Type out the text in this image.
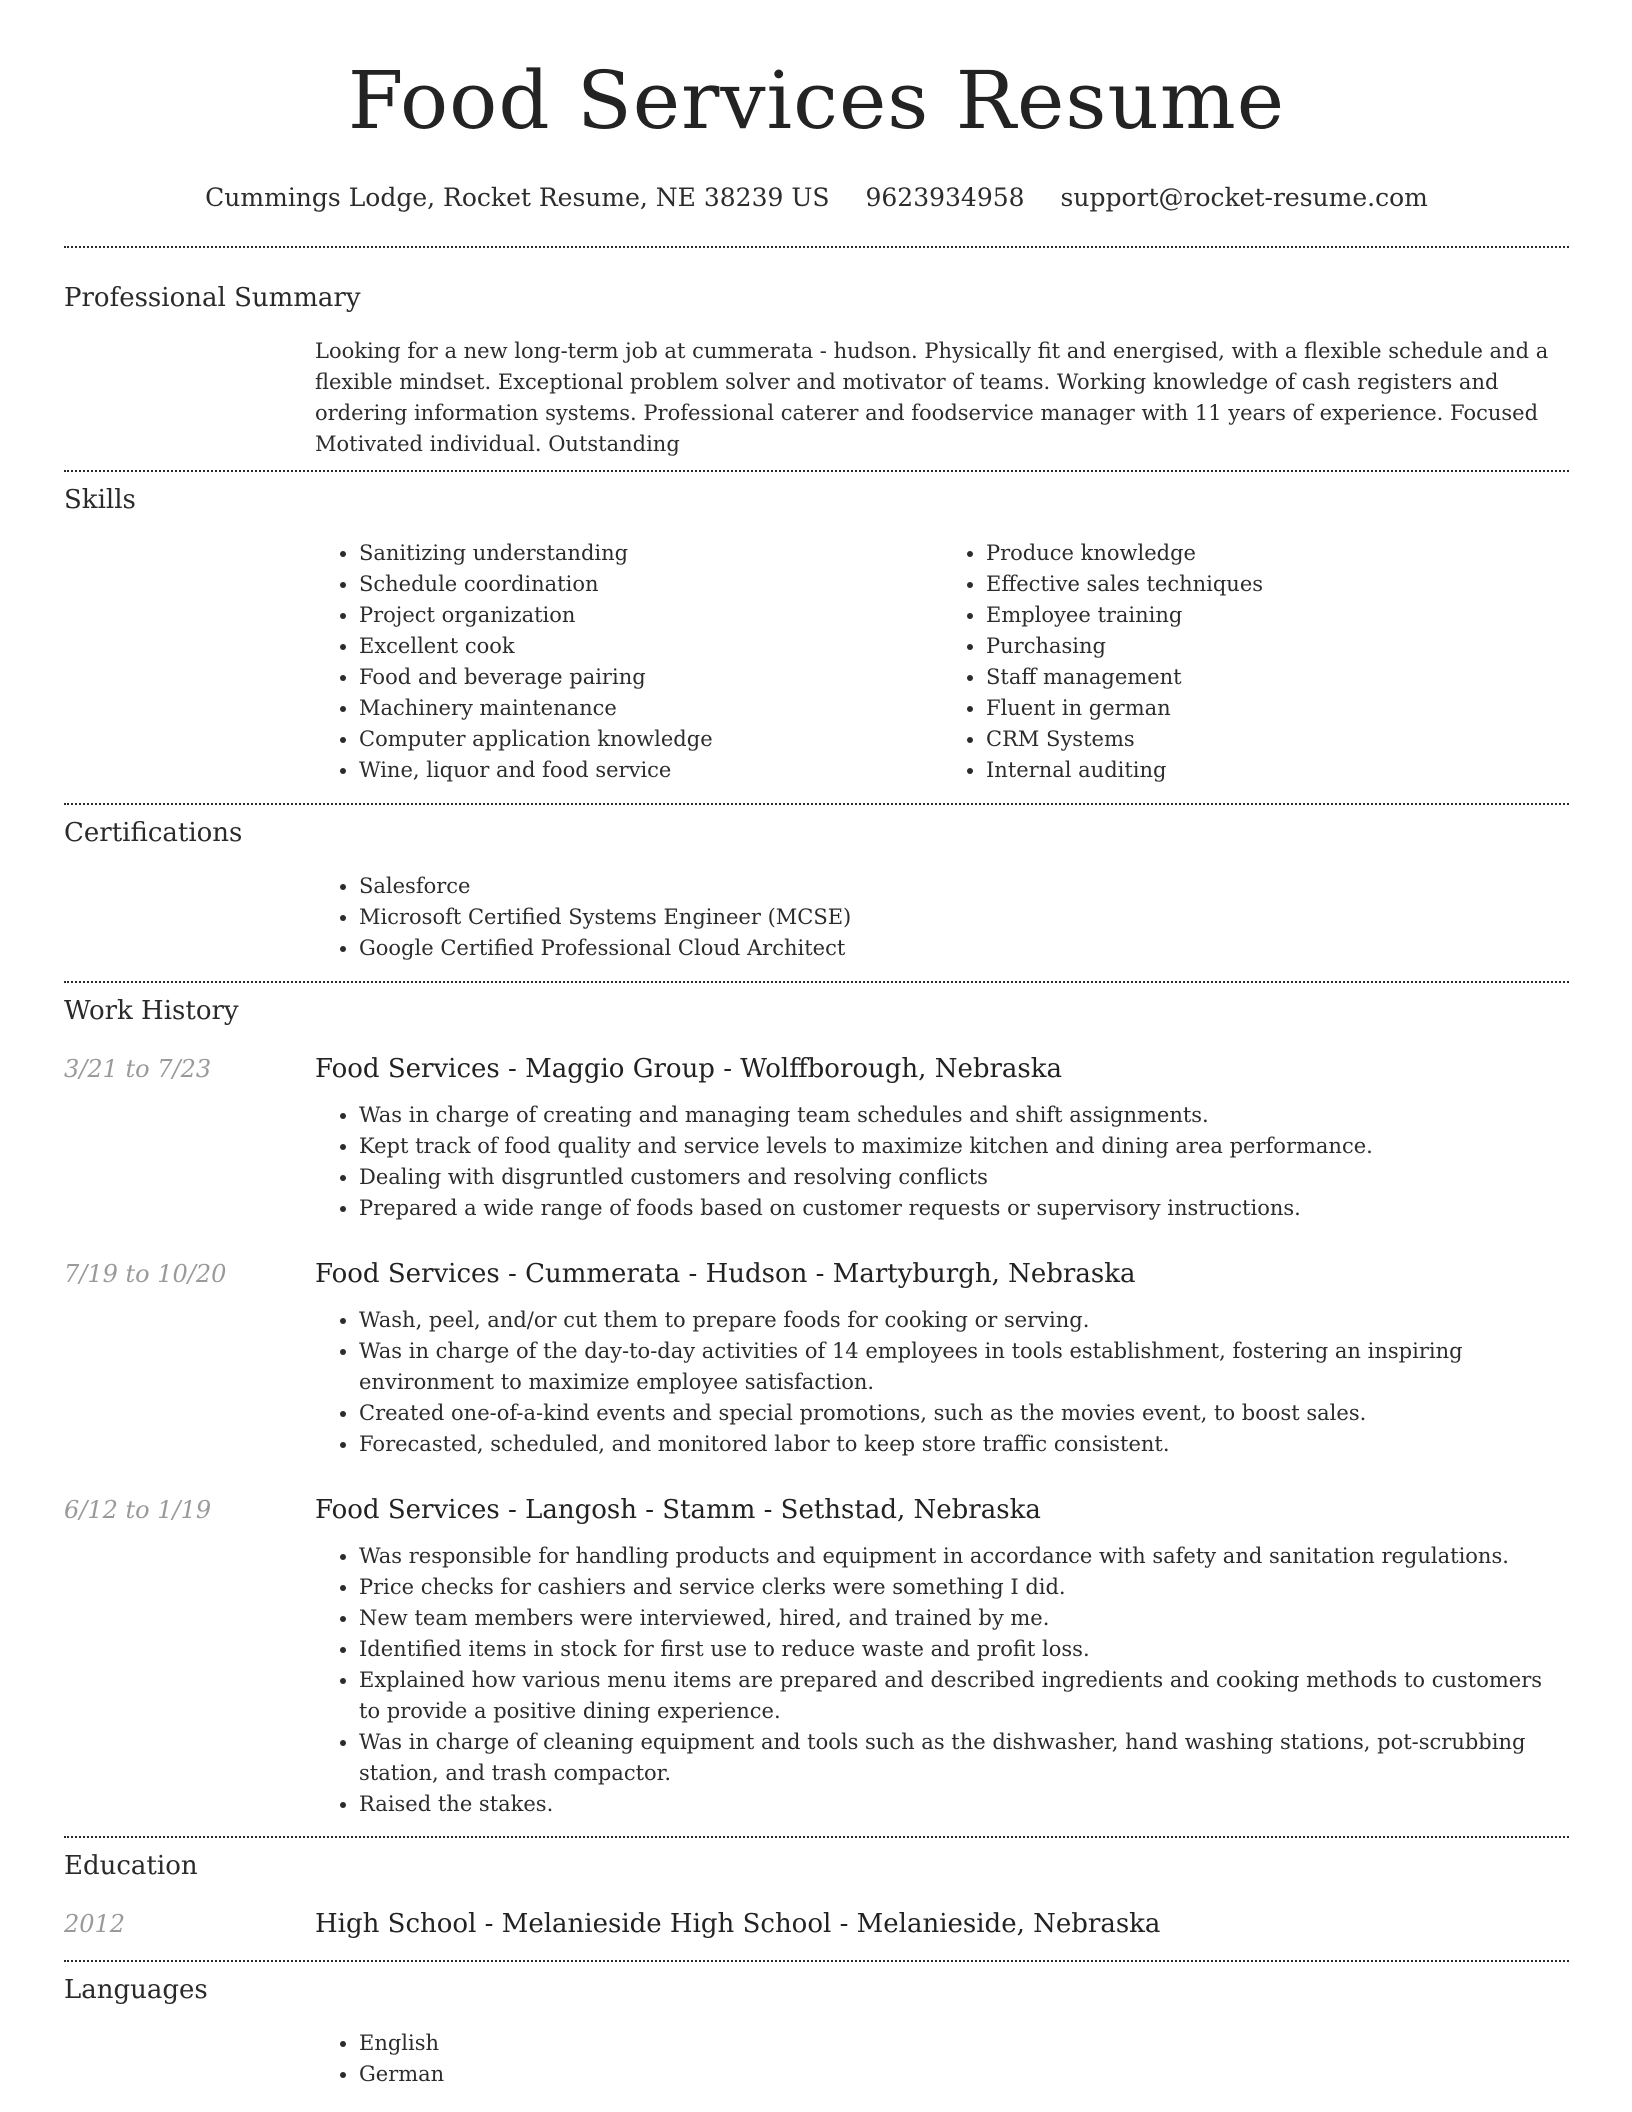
Food Services Resume
Cummings Lodge, Rocket Resume, NE 38239 US 9623934958 support@rocket-resume.com
Professional Summary
Looking for a new long-term job at cummerata - hudson. Physically fit and energised, with a flexible schedule and a flexible mindset. Exceptional problem solver and motivator of teams. Working knowledge of cash registers and ordering information systems. Professional caterer and foodservice manager with 11 years of experience. Focused Motivated individual. Outstanding
Skills
• Sanitizing understanding
• Schedule coordination
• Project organization
• Excellent cook
• Food and beverage pairing
• Machinery maintenance
• Computer application knowledge
• Wine, liquor and food service
• Produce knowledge
• Effective sales techniques
• Employee training
• Purchasing
• Staff management
• Fluent in german
• CRM Systems
• Internal auditing
Certifications
• Salesforce
• Microsoft Certified Systems Engineer (MCSE)
• Google Certified Professional Cloud Architect
Work History
3/21 to 7/23	Food Services - Maggio Group - Wolffborough, Nebraska
• Was in charge of creating and managing team schedules and shift assignments.
• Kept track of food quality and service levels to maximize kitchen and dining area performance.
• Dealing with disgruntled customers and resolving conflicts
• Prepared a wide range of foods based on customer requests or supervisory instructions.
7/19 to 10/20	Food Services - Cummerata - Hudson - Martyburgh, Nebraska
• Wash, peel, and/or cut them to prepare foods for cooking or serving.
• Was in charge of the day-to-day activities of 14 employees in tools establishment, fostering an inspiring environment to maximize employee satisfaction.
• Created one-of-a-kind events and special promotions, such as the movies event, to boost sales.
• Forecasted, scheduled, and monitored labor to keep store traffic consistent.
6/12 to 1/19	Food Services - Langosh - Stamm - Sethstad, Nebraska
• Was responsible for handling products and equipment in accordance with safety and sanitation regulations.
• Price checks for cashiers and service clerks were something I did.
• New team members were interviewed, hired, and trained by me.
• Identified items in stock for first use to reduce waste and profit loss.
• Explained how various menu items are prepared and described ingredients and cooking methods to customers to provide a positive dining experience.
• Was in charge of cleaning equipment and tools such as the dishwasher, hand washing stations, pot-scrubbing station, and trash compactor.
• Raised the stakes.
Education
2012	High School - Melanieside High School - Melanieside, Nebraska
Languages
• English
• German
